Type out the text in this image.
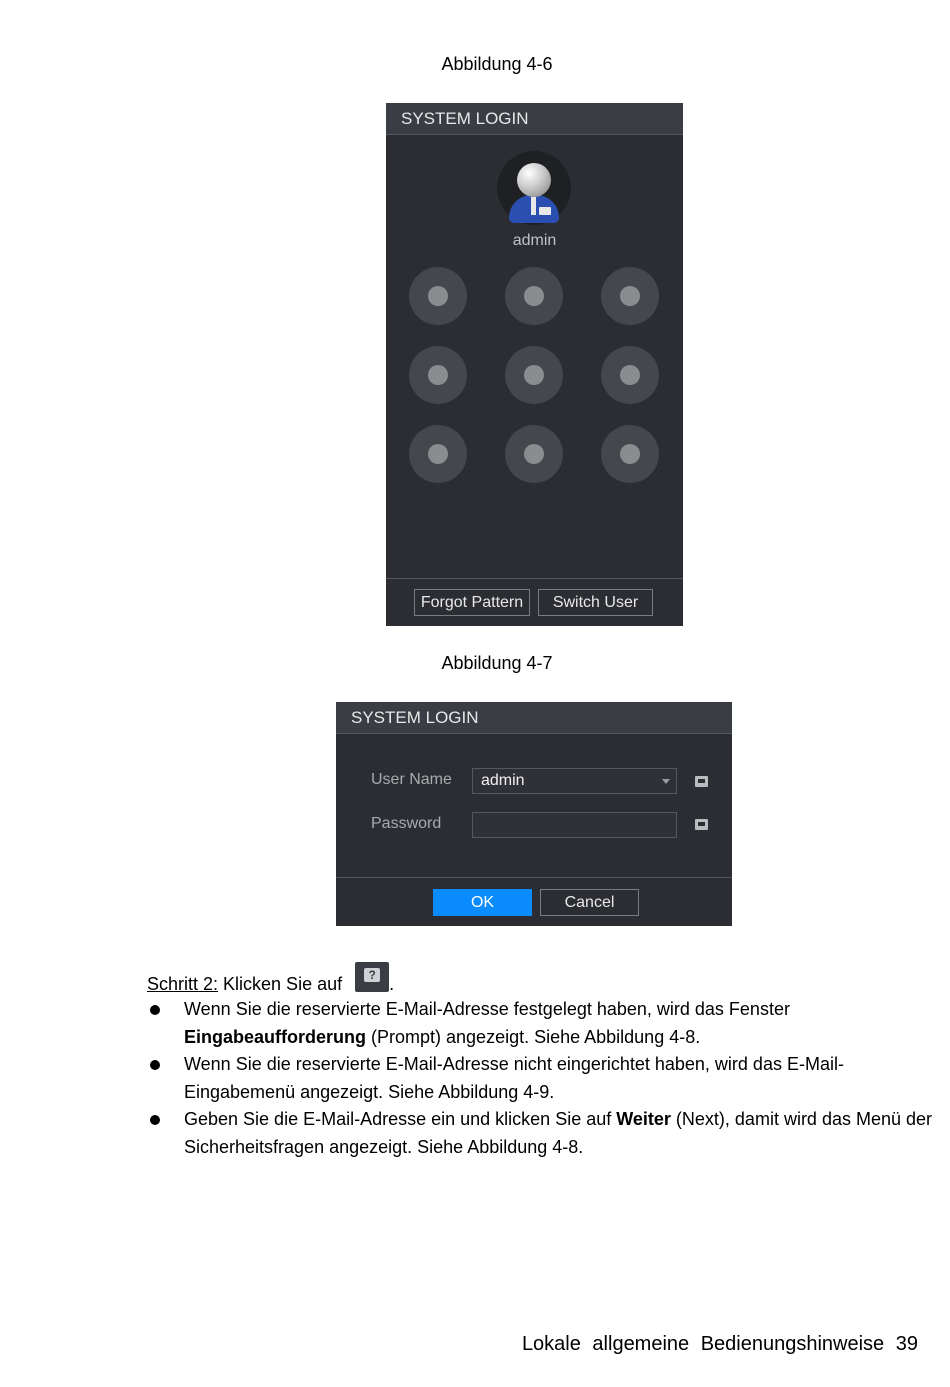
Abbildung 4-6
SYSTEM LOGIN
admin
Forgot Pattern	Switch User
Abbildung 4-7
SYSTEM LOGIN
User Name	admin
Password
OK	Cancel
Schritt 2: Klicken Sie auf	? .
Wenn Sie die reservierte E-Mail-Adresse festgelegt haben, wird das Fenster Eingabeaufforderung (Prompt) angezeigt. Siehe Abbildung 4-8.
Wenn Sie die reservierte E-Mail-Adresse nicht eingerichtet haben, wird das E-Mail-Eingabemenü angezeigt. Siehe Abbildung 4-9.
Geben Sie die E-Mail-Adresse ein und klicken Sie auf Weiter (Next), damit wird das Menü der Sicherheitsfragen angezeigt. Siehe Abbildung 4-8.
Lokale allgemeine Bedienungshinweise 39
